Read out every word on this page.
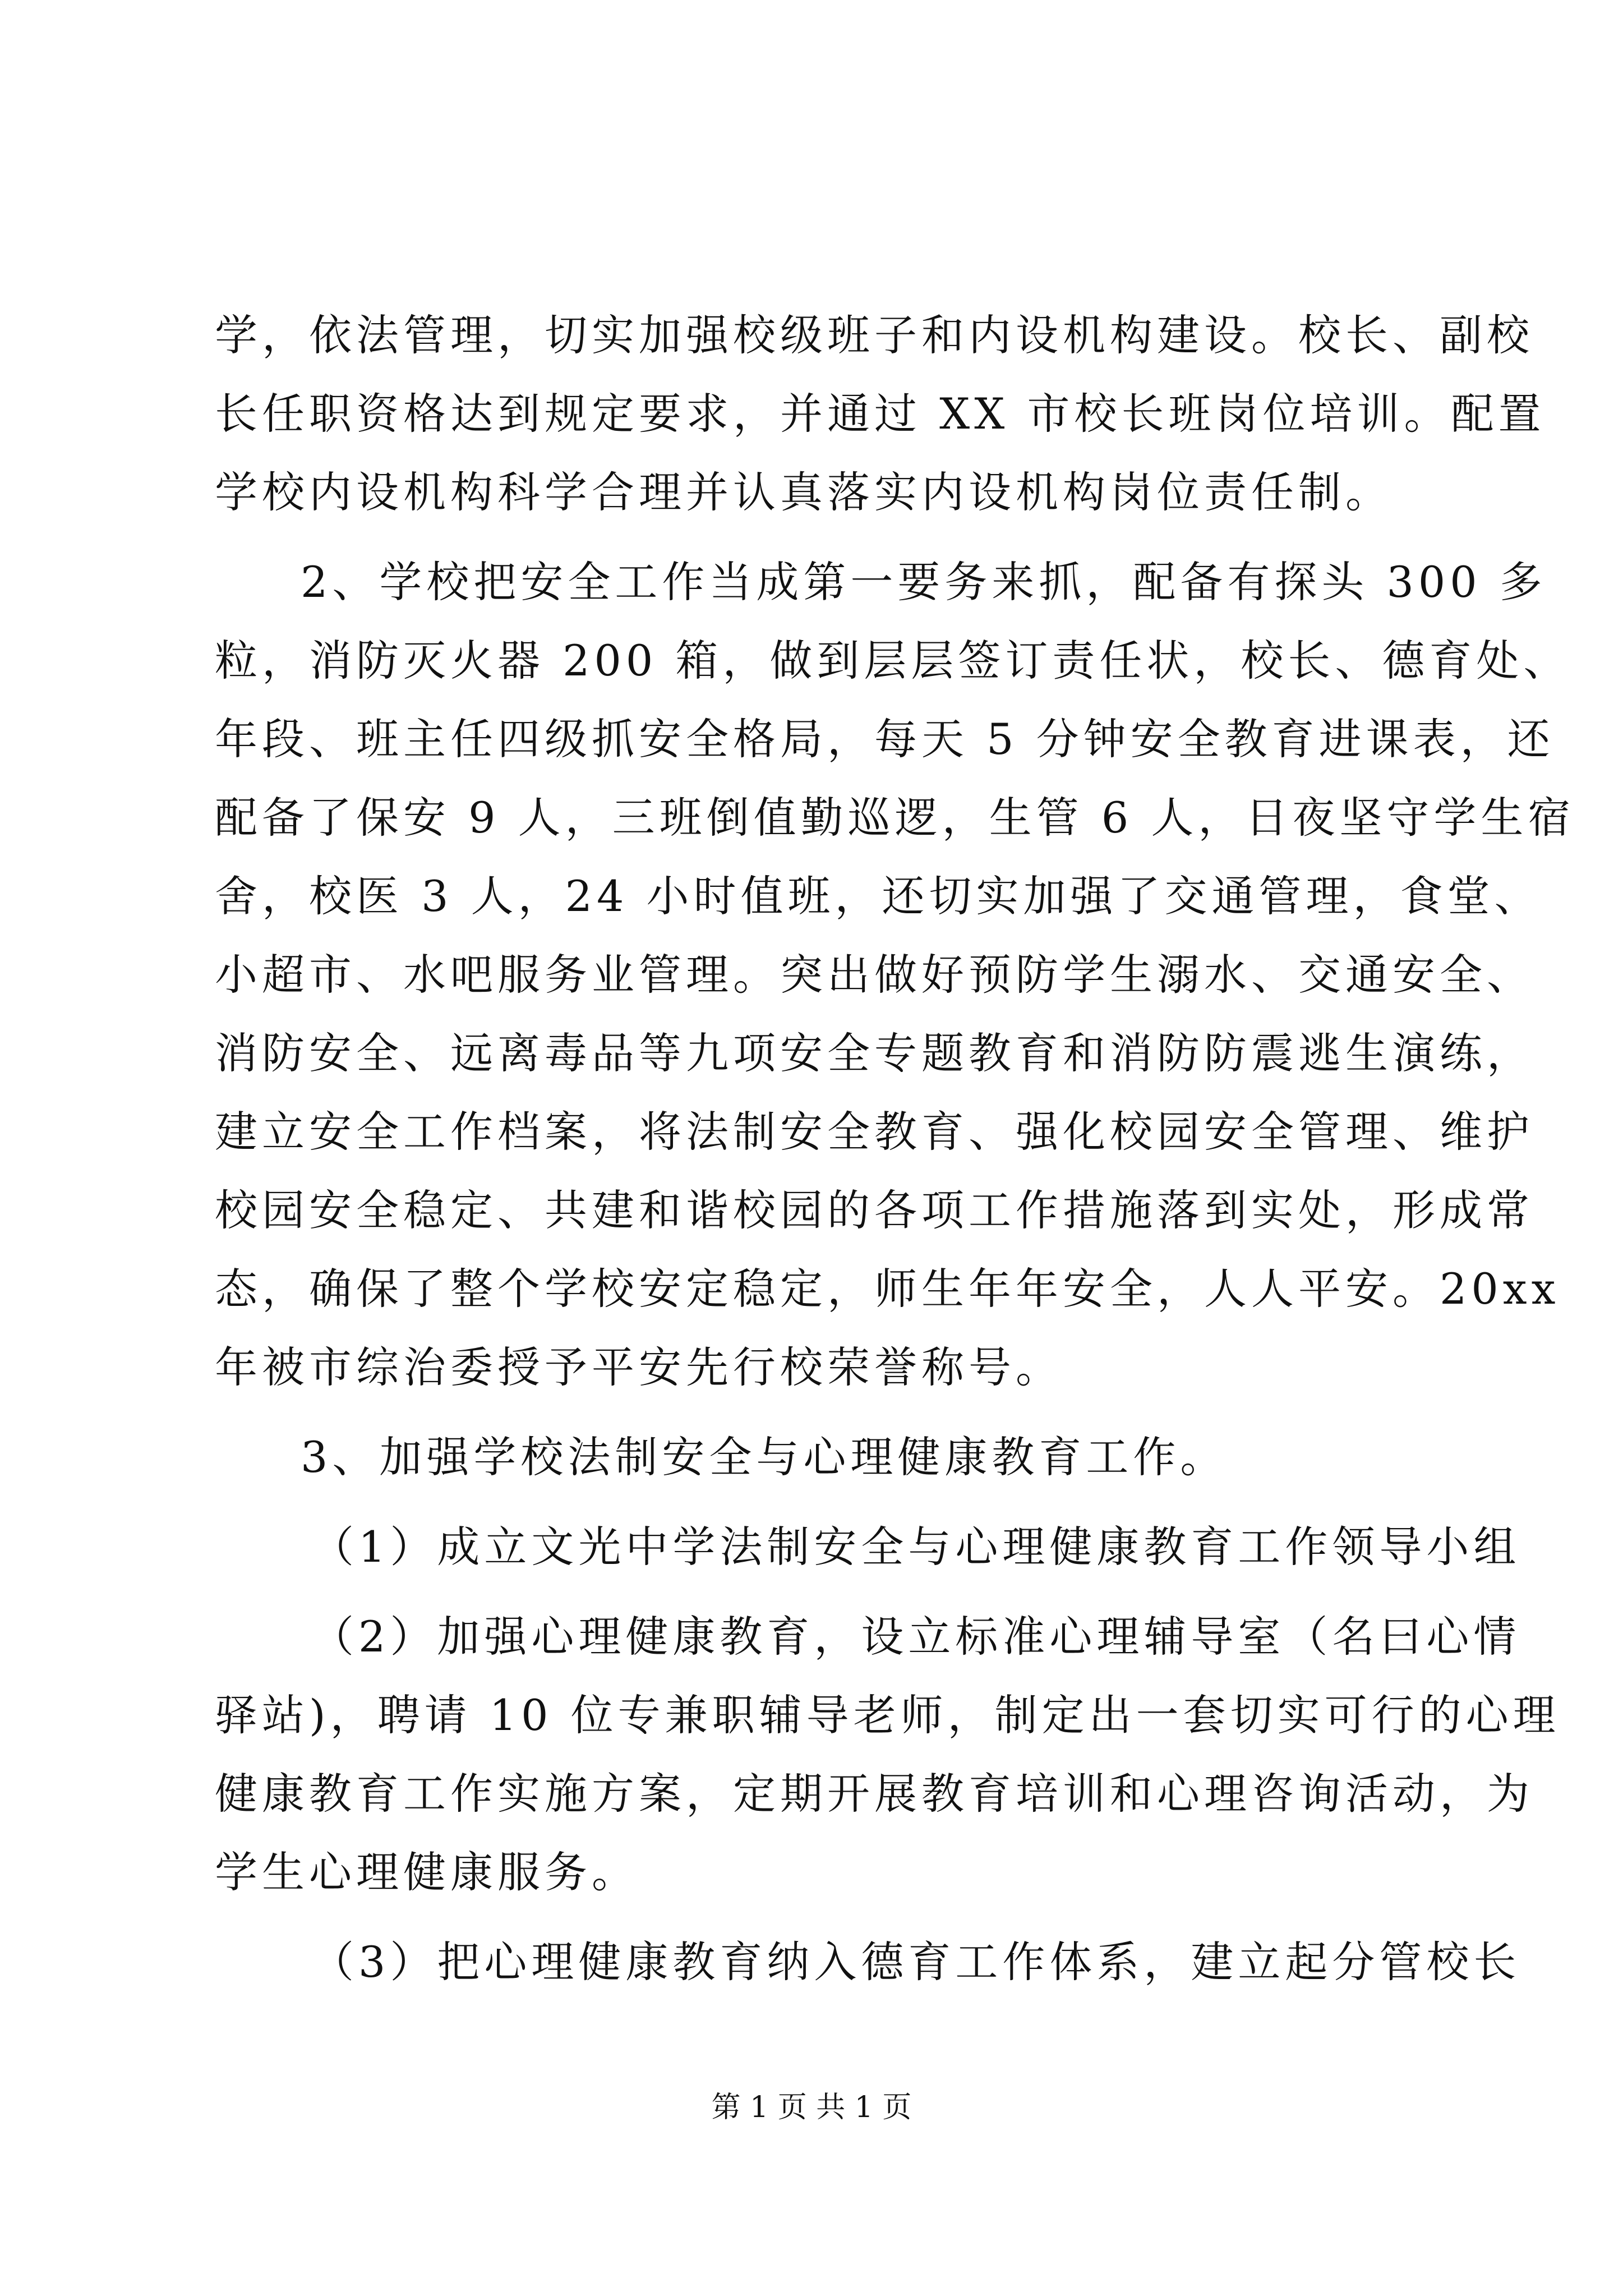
学，依法管理，切实加强校级班子和内设机构建设。校长、副校
长任职资格达到规定要求，并通过 XX 市校长班岗位培训。配置
学校内设机构科学合理并认真落实内设机构岗位责任制。
2、学校把安全工作当成第一要务来抓，配备有探头 300 多
粒，消防灭火器 200 箱，做到层层签订责任状，校长、德育处、
年段、班主任四级抓安全格局，每天 5 分钟安全教育进课表，还
配备了保安 9 人，三班倒值勤巡逻，生管 6 人，日夜坚守学生宿
舍，校医 3 人，24 小时值班，还切实加强了交通管理，食堂、
小超市、水吧服务业管理。突出做好预防学生溺水、交通安全、
消防安全、远离毒品等九项安全专题教育和消防防震逃生演练，
建立安全工作档案，将法制安全教育、强化校园安全管理、维护
校园安全稳定、共建和谐校园的各项工作措施落到实处，形成常
态，确保了整个学校安定稳定，师生年年安全，人人平安。20xx
年被市综治委授予平安先行校荣誉称号。
3、加强学校法制安全与心理健康教育工作。
（1）成立文光中学法制安全与心理健康教育工作领导小组
（2）加强心理健康教育，设立标准心理辅导室（名曰心情
驿站)，聘请 10 位专兼职辅导老师，制定出一套切实可行的心理
健康教育工作实施方案，定期开展教育培训和心理咨询活动，为
学生心理健康服务。
（3）把心理健康教育纳入德育工作体系，建立起分管校长
第 1 页 共 1 页
